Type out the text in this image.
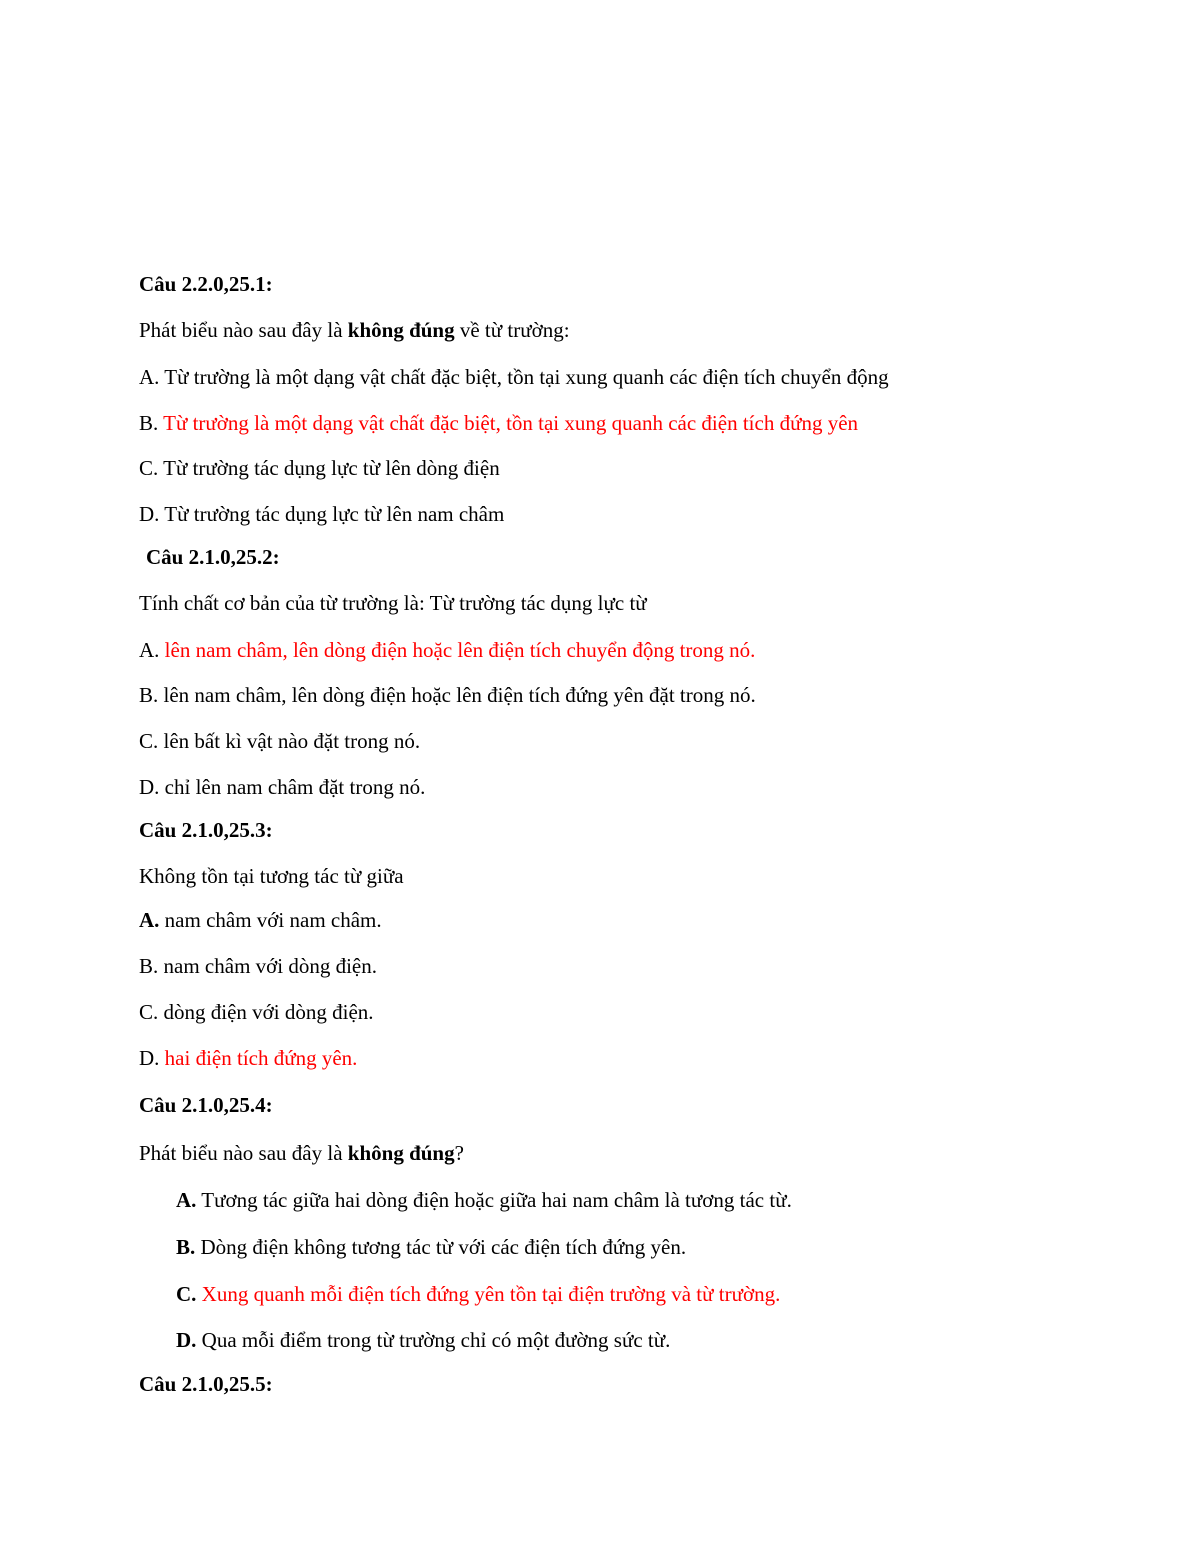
Câu 2.2.0,25.1:
Phát biểu nào sau đây là không đúng về từ trường:
A. Từ trường là một dạng vật chất đặc biệt, tồn tại xung quanh các điện tích chuyển động
B. Từ trường là một dạng vật chất đặc biệt, tồn tại xung quanh các điện tích đứng yên
C. Từ trường tác dụng lực từ lên dòng điện
D. Từ trường tác dụng lực từ lên nam châm
Câu 2.1.0,25.2:
Tính chất cơ bản của từ trường là: Từ trường tác dụng lực từ
A. lên nam châm, lên dòng điện hoặc lên điện tích chuyển động trong nó.
B. lên nam châm, lên dòng điện hoặc lên điện tích đứng yên đặt trong nó.
C. lên bất kì vật nào đặt trong nó.
D. chỉ lên nam châm đặt trong nó.
Câu 2.1.0,25.3:
Không tồn tại tương tác từ giữa
A. nam châm với nam châm.
B. nam châm với dòng điện.
C. dòng điện với dòng điện.
D. hai điện tích đứng yên.
Câu 2.1.0,25.4:
Phát biểu nào sau đây là không đúng?
A. Tương tác giữa hai dòng điện hoặc giữa hai nam châm là tương tác từ.
B. Dòng điện không tương tác từ với các điện tích đứng yên.
C. Xung quanh mỗi điện tích đứng yên tồn tại điện trường và từ trường.
D. Qua mỗi điểm trong từ trường chỉ có một đường sức từ.
Câu 2.1.0,25.5:
